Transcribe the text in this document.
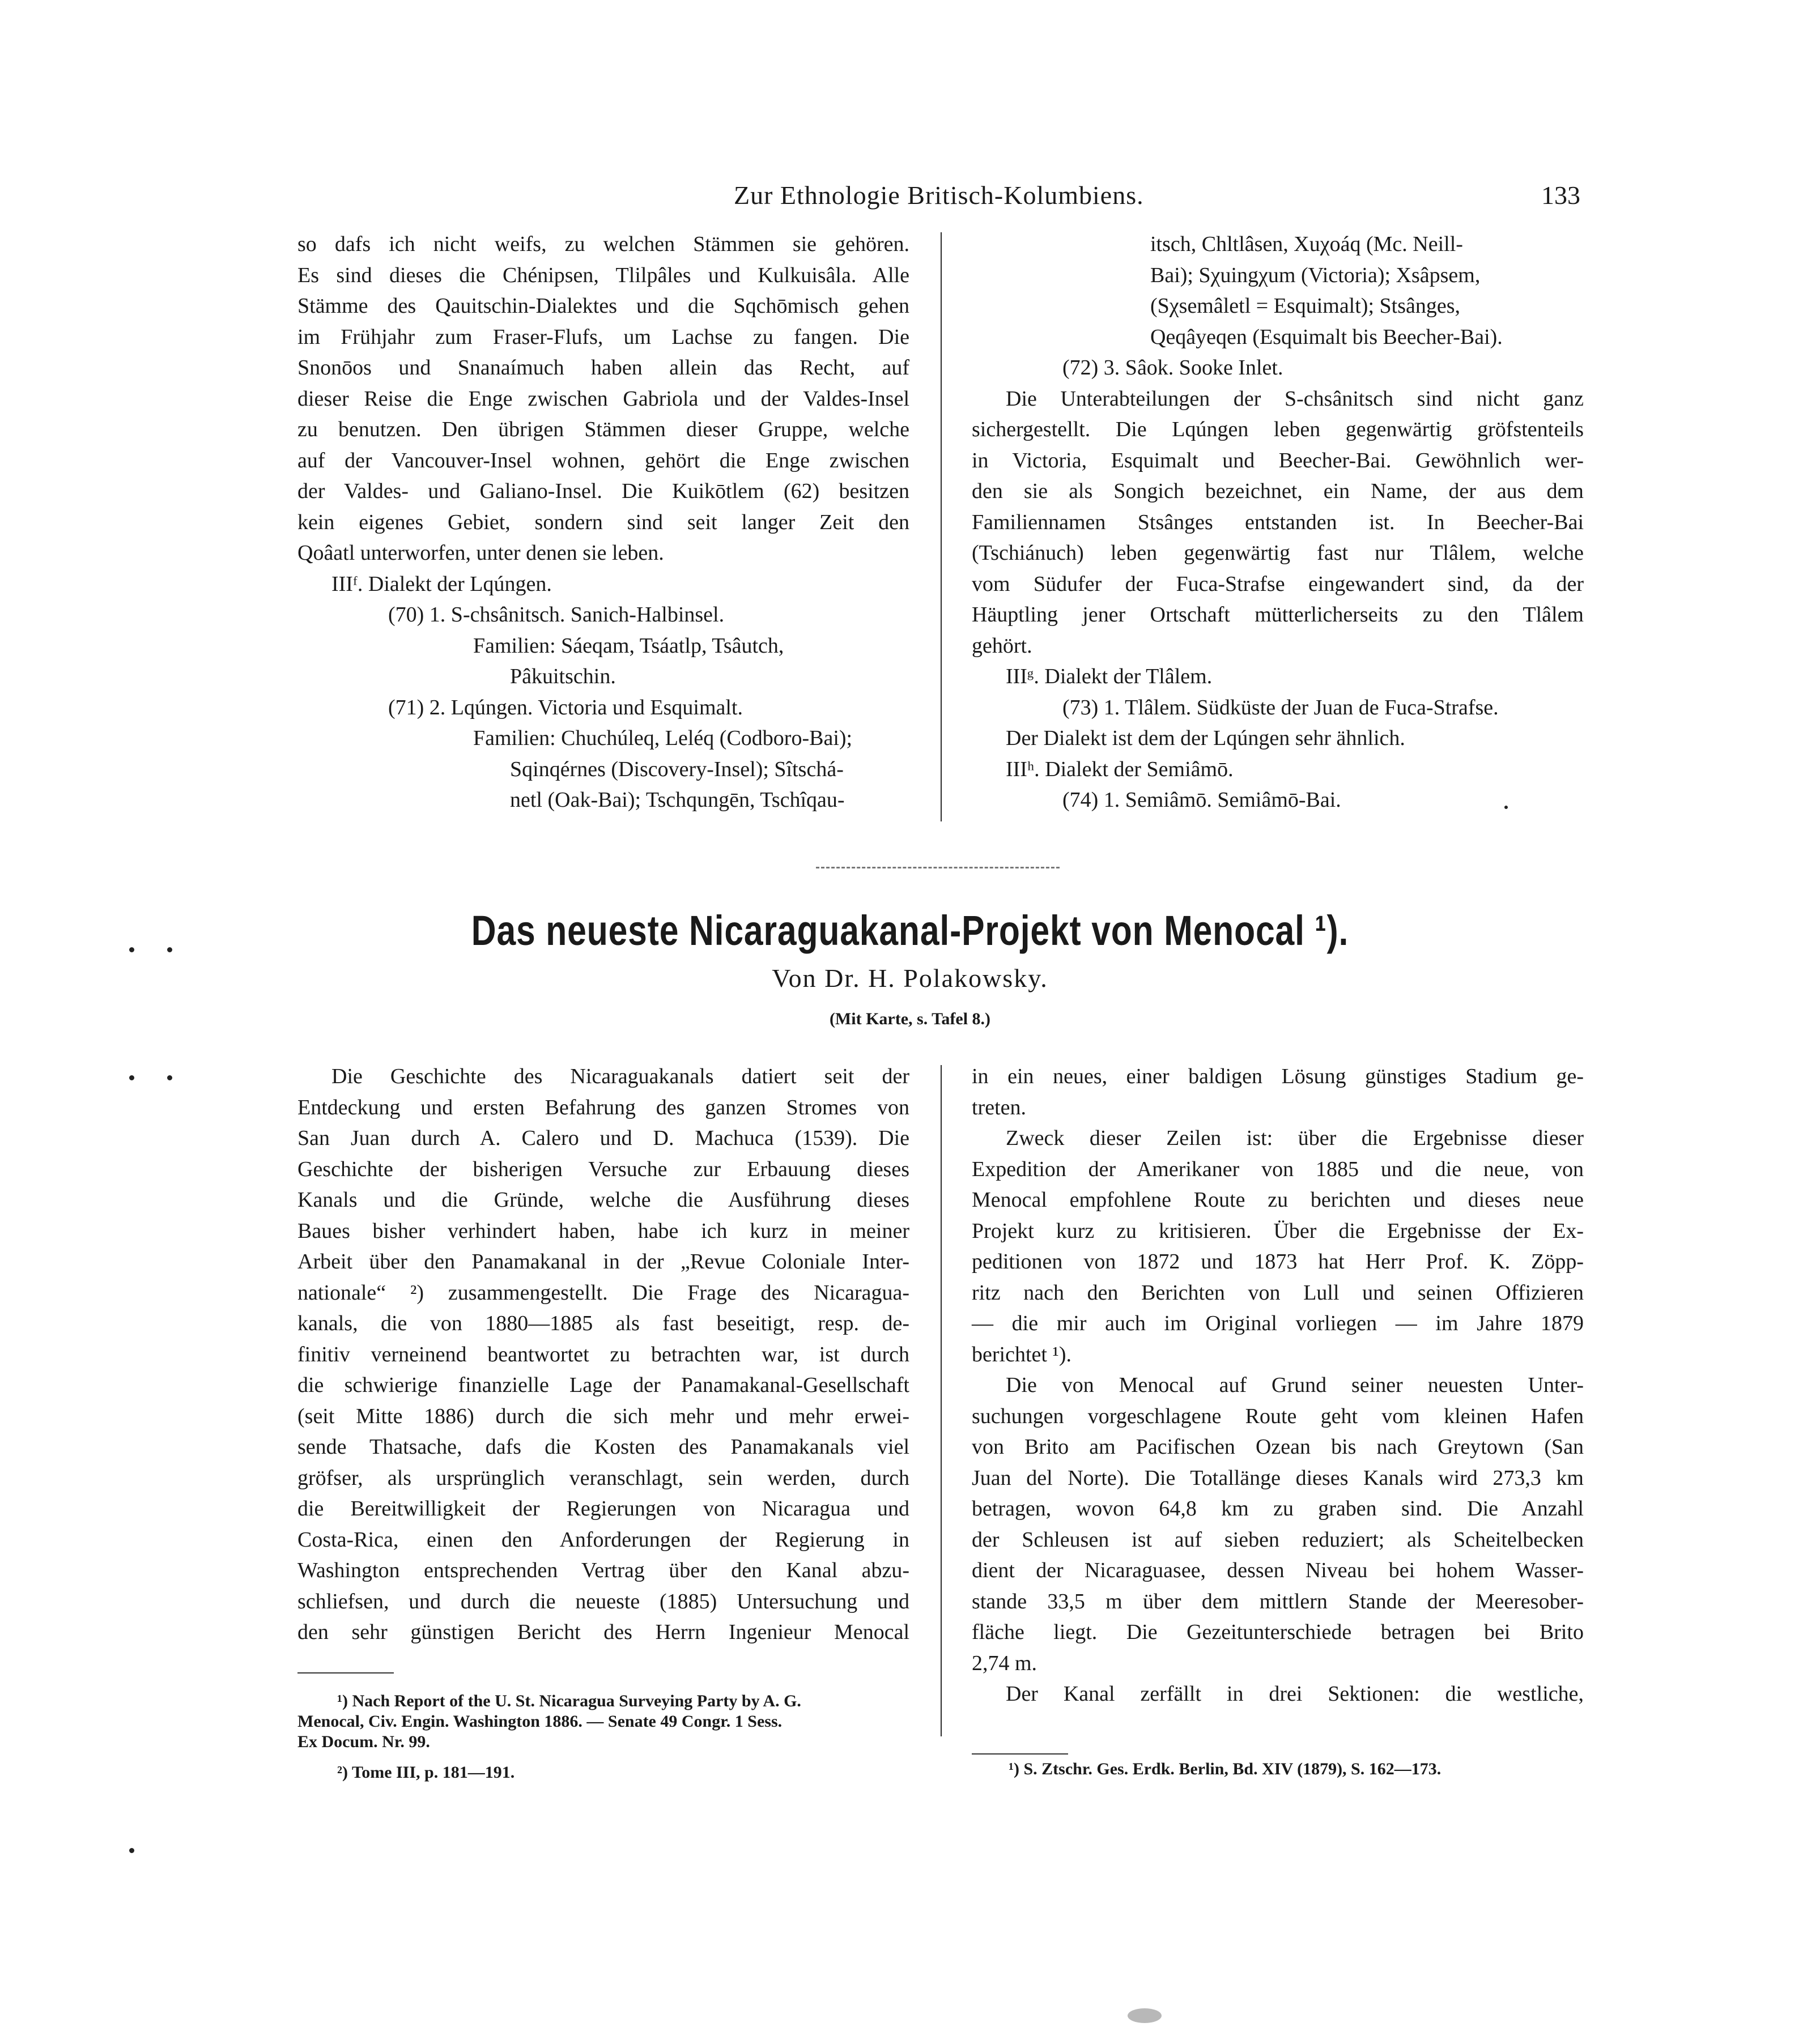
Zur Ethnologie Britisch-Kolumbiens.	133

so dafs ich nicht weifs, zu welchen Stämmen sie gehören.

Es sind dieses die Chénipsen, Tlilpâles und Kulkuisâla. Alle

Stämme des Qauitschin-Dialektes und die Sqchōmisch gehen

im Frühjahr zum Fraser-Flufs, um Lachse zu fangen. Die

Snonōos und Snanaímuch haben allein das Recht, auf

dieser Reise die Enge zwischen Gabriola und der Valdes-Insel

zu benutzen. Den übrigen Stämmen dieser Gruppe, welche

auf der Vancouver-Insel wohnen, gehört die Enge zwischen

der Valdes- und Galiano-Insel. Die Kuikōtlem (62) besitzen

kein eigenes Gebiet, sondern sind seit langer Zeit den

Qoâatl unterworfen, unter denen sie leben.

IIIᶠ. Dialekt der Lqúngen.

(70) 1. S-chsânitsch. Sanich-Halbinsel.

Familien: Sáeqam, Tsáatlp, Tsâutch,

Pâkuitschin.

(71) 2. Lqúngen. Victoria und Esquimalt.

Familien: Chuchúleq, Leléq (Codboro-Bai);

Sqinqérnes (Discovery-Insel); Sîtschá-

netl (Oak-Bai); Tschqungēn, Tschîqau-

itsch, Chltlâsen, Xuχoáq (Mc. Neill-

Bai); Sχuingχum (Victoria); Xsâpsem,

(Sχsemâletl = Esquimalt); Stsânges,

Qeqâyeqen (Esquimalt bis Beecher-Bai).

(72) 3. Sâok. Sooke Inlet.

Die Unterabteilungen der S-chsânitsch sind nicht ganz

sichergestellt. Die Lqúngen leben gegenwärtig gröfstenteils

in Victoria, Esquimalt und Beecher-Bai. Gewöhnlich wer-

den sie als Songich bezeichnet, ein Name, der aus dem

Familiennamen Stsânges entstanden ist. In Beecher-Bai

(Tschiánuch) leben gegenwärtig fast nur Tlâlem, welche

vom Südufer der Fuca-Strafse eingewandert sind, da der

Häuptling jener Ortschaft mütterlicherseits zu den Tlâlem

gehört.

IIIᵍ. Dialekt der Tlâlem.

(73) 1. Tlâlem. Südküste der Juan de Fuca-Strafse.

Der Dialekt ist dem der Lqúngen sehr ähnlich.

IIIʰ. Dialekt der Semiâmō.

(74) 1. Semiâmō. Semiâmō-Bai.

Das neueste Nicaraguakanal-Projekt von Menocal ¹).
Von Dr. H. Polakowsky.
(Mit Karte, s. Tafel 8.)

Die Geschichte des Nicaraguakanals datiert seit der

Entdeckung und ersten Befahrung des ganzen Stromes von

San Juan durch A. Calero und D. Machuca (1539). Die

Geschichte der bisherigen Versuche zur Erbauung dieses

Kanals und die Gründe, welche die Ausführung dieses

Baues bisher verhindert haben, habe ich kurz in meiner

Arbeit über den Panamakanal in der „Revue Coloniale Inter-

nationale“ ²) zusammengestellt. Die Frage des Nicaragua-

kanals, die von 1880—1885 als fast beseitigt, resp. de-

finitiv verneinend beantwortet zu betrachten war, ist durch

die schwierige finanzielle Lage der Panamakanal-Gesellschaft

(seit Mitte 1886) durch die sich mehr und mehr erwei-

sende Thatsache, dafs die Kosten des Panamakanals viel

gröfser, als ursprünglich veranschlagt, sein werden, durch

die Bereitwilligkeit der Regierungen von Nicaragua und

Costa-Rica, einen den Anforderungen der Regierung in

Washington entsprechenden Vertrag über den Kanal abzu-

schliefsen, und durch die neueste (1885) Untersuchung und

den sehr günstigen Bericht des Herrn Ingenieur Menocal

¹) Nach Report of the U. St. Nicaragua Surveying Party by A. G.

Menocal, Civ. Engin. Washington 1886. — Senate 49 Congr. 1 Sess.

Ex Docum. Nr. 99.

²) Tome III, p. 181—191.

in ein neues, einer baldigen Lösung günstiges Stadium ge-

treten.

Zweck dieser Zeilen ist: über die Ergebnisse dieser

Expedition der Amerikaner von 1885 und die neue, von

Menocal empfohlene Route zu berichten und dieses neue

Projekt kurz zu kritisieren. Über die Ergebnisse der Ex-

peditionen von 1872 und 1873 hat Herr Prof. K. Zöpp-

ritz nach den Berichten von Lull und seinen Offizieren

— die mir auch im Original vorliegen — im Jahre 1879

berichtet ¹).

Die von Menocal auf Grund seiner neuesten Unter-

suchungen vorgeschlagene Route geht vom kleinen Hafen

von Brito am Pacifischen Ozean bis nach Greytown (San

Juan del Norte). Die Totallänge dieses Kanals wird 273,3 km

betragen, wovon 64,8 km zu graben sind. Die Anzahl

der Schleusen ist auf sieben reduziert; als Scheitelbecken

dient der Nicaraguasee, dessen Niveau bei hohem Wasser-

stande 33,5 m über dem mittlern Stande der Meeresober-

fläche liegt. Die Gezeitunterschiede betragen bei Brito

2,74 m.

Der Kanal zerfällt in drei Sektionen: die westliche,

¹) S. Ztschr. Ges. Erdk. Berlin, Bd. XIV (1879), S. 162—173.
